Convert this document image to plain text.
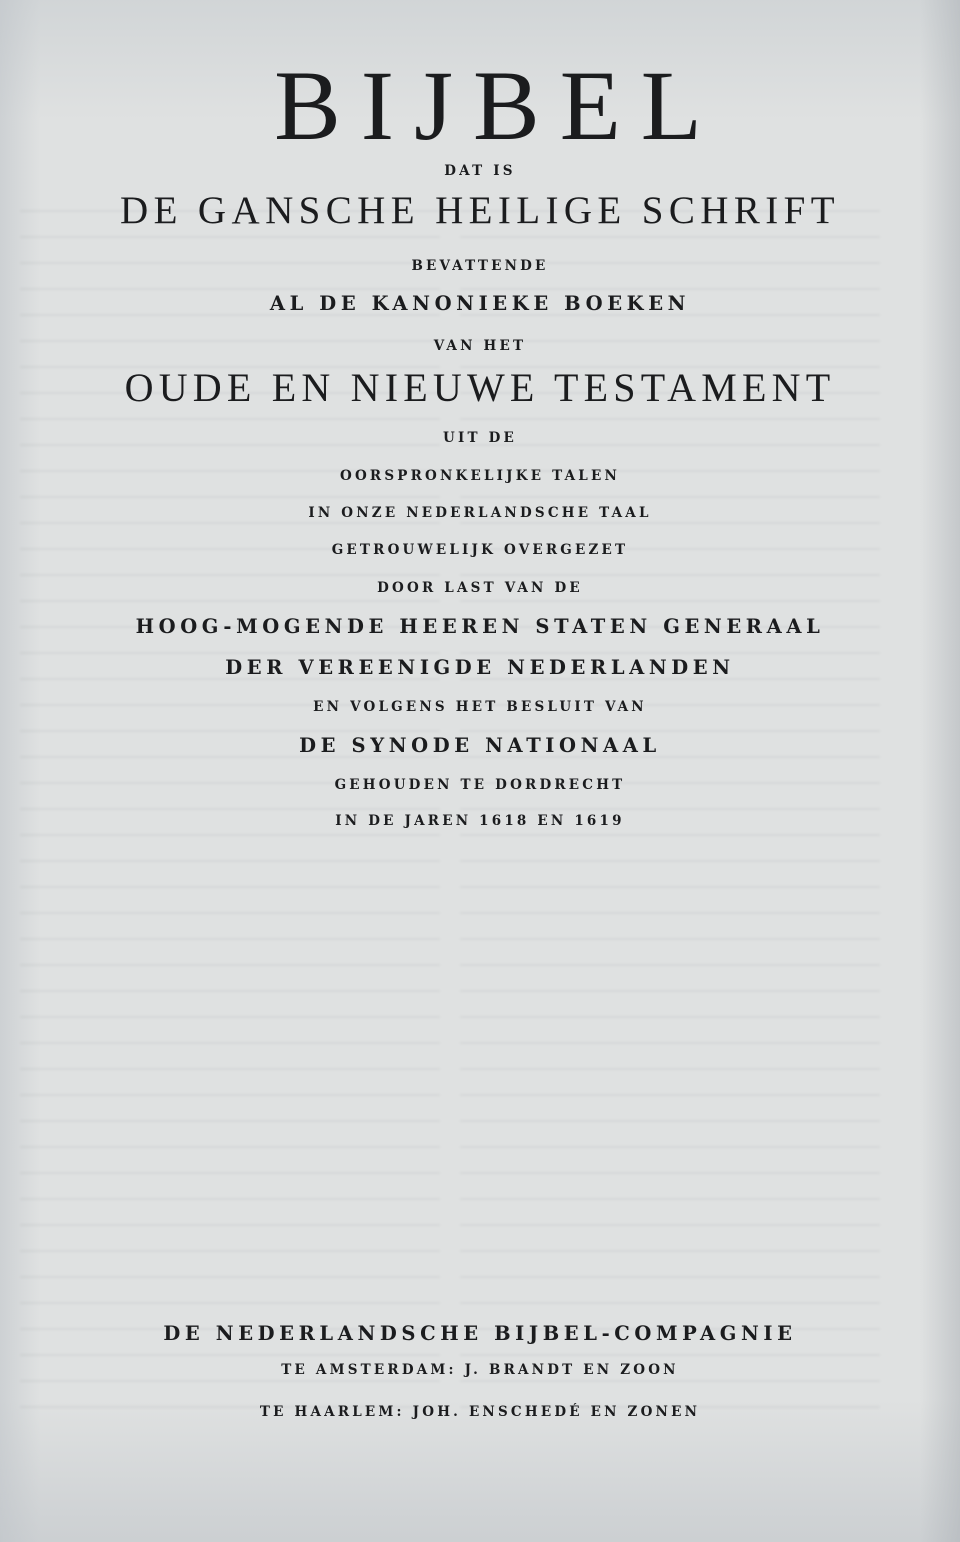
BIJBEL
DAT IS
DE GANSCHE HEILIGE SCHRIFT
BEVATTENDE
AL DE KANONIEKE BOEKEN
VAN HET
OUDE EN NIEUWE TESTAMENT
UIT DE
OORSPRONKELIJKE TALEN
IN ONZE NEDERLANDSCHE TAAL
GETROUWELIJK OVERGEZET
DOOR LAST VAN DE
HOOG-MOGENDE HEEREN STATEN GENERAAL
DER VEREENIGDE NEDERLANDEN
EN VOLGENS HET BESLUIT VAN
DE SYNODE NATIONAAL
GEHOUDEN TE DORDRECHT
IN DE JAREN 1618 EN 1619
DE NEDERLANDSCHE BIJBEL-COMPAGNIE
TE AMSTERDAM: J. BRANDT EN ZOON
TE HAARLEM: JOH. ENSCHEDÉ EN ZONEN
